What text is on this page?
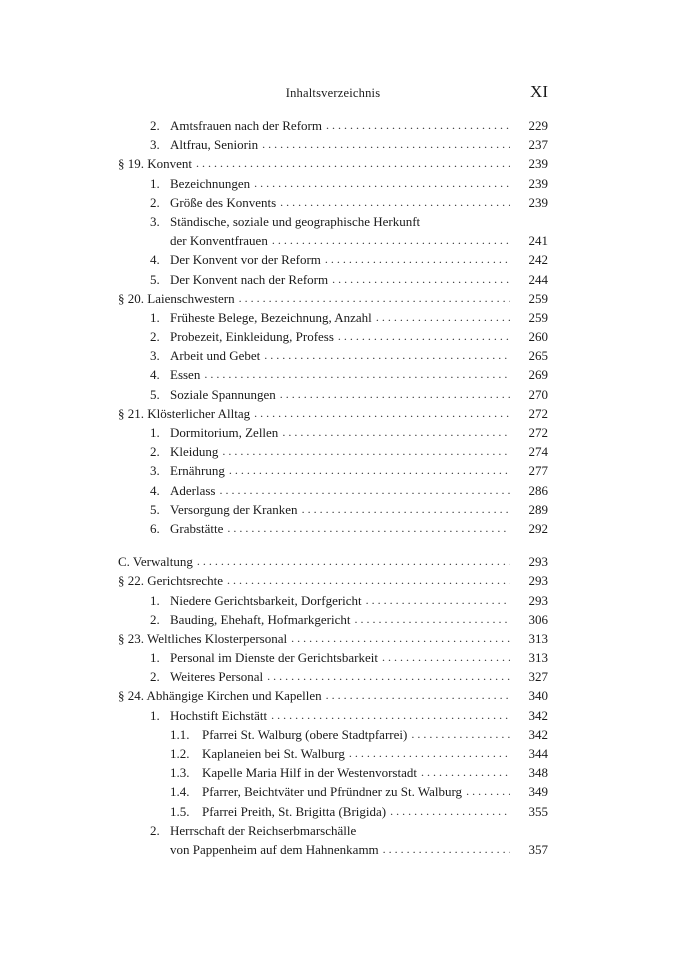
Inhaltsverzeichnis	XI
2. Amtsfrauen nach der Reform . . .	229
3. Altfrau, Seniorin . . .	237
§ 19. Konvent . . .	239
1. Bezeichnungen . . .	239
2. Größe des Konvents . . .	239
3. Ständische, soziale und geographische Herkunft
der Konventfrauen . . .	241
4. Der Konvent vor der Reform . . .	242
5. Der Konvent nach der Reform . . .	244
§ 20. Laienschwestern . . .	259
1. Früheste Belege, Bezeichnung, Anzahl . . .	259
2. Probezeit, Einkleidung, Profess . . .	260
3. Arbeit und Gebet . . .	265
4. Essen . . .	269
5. Soziale Spannungen . . .	270
§ 21. Klösterlicher Alltag . . .	272
1. Dormitorium, Zellen . . .	272
2. Kleidung . . .	274
3. Ernährung . . .	277
4. Aderlass . . .	286
5. Versorgung der Kranken . . .	289
6. Grabstätte . . .	292
C. Verwaltung . . .	293
§ 22. Gerichtsrechte . . .	293
1. Niedere Gerichtsbarkeit, Dorfgericht . . .	293
2. Bauding, Ehehaft, Hofmarkgericht . . .	306
§ 23. Weltliches Klosterpersonal . . .	313
1. Personal im Dienste der Gerichtsbarkeit . . .	313
2. Weiteres Personal . . .	327
§ 24. Abhängige Kirchen und Kapellen . . .	340
1. Hochstift Eichstätt . . .	342
1.1. Pfarrei St. Walburg (obere Stadtpfarrei) . . .	342
1.2. Kaplaneien bei St. Walburg . . .	344
1.3. Kapelle Maria Hilf in der Westenvorstadt . . .	348
1.4. Pfarrer, Beichtväter und Pfründner zu St. Walburg . . .	349
1.5. Pfarrei Preith, St. Brigitta (Brigida) . . .	355
2. Herrschaft der Reichserbmarschälle
von Pappenheim auf dem Hahnenkamm . . .	357
